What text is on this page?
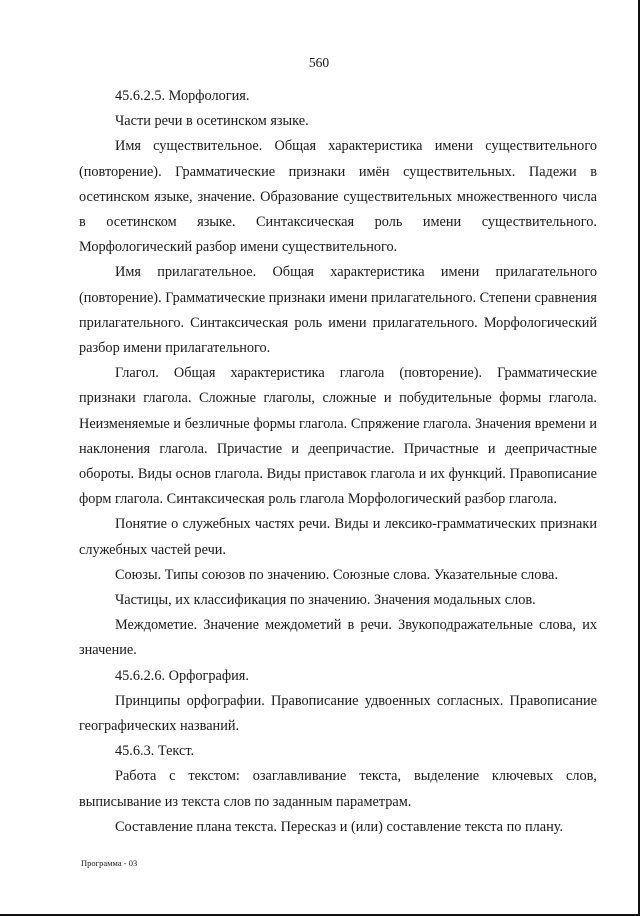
560

45.6.2.5. Морфология.

Части речи в осетинском языке.

Имя существительное. Общая характеристика имени существительного (повторение). Грамматические признаки имён существительных. Падежи в осетинском языке, значение. Образование существительных множественного числа в осетинском языке. Синтаксическая роль имени существительного. Морфологический разбор имени существительного.

Имя прилагательное. Общая характеристика имени прилагательного (повторение). Грамматические признаки имени прилагательного. Степени сравнения прилагательного. Синтаксическая роль имени прилагательного. Морфологический разбор имени прилагательного.

Глагол. Общая характеристика глагола (повторение). Грамматические признаки глагола. Сложные глаголы, сложные и побудительные формы глагола. Неизменяемые и безличные формы глагола. Спряжение глагола. Значения времени и наклонения глагола. Причастие и деепричастие. Причастные и деепричастные обороты. Виды основ глагола. Виды приставок глагола и их функций. Правописание форм глагола. Синтаксическая роль глагола Морфологический разбор глагола.

Понятие о служебных частях речи. Виды и лексико-грамматических признаки служебных частей речи.

Союзы. Типы союзов по значению. Союзные слова. Указательные слова.

Частицы, их классификация по значению. Значения модальных слов.

Междометие. Значение междометий в речи. Звукоподражательные слова, их значение.

45.6.2.6. Орфография.

Принципы орфографии. Правописание удвоенных согласных. Правописание географических названий.

45.6.3. Текст.

Работа с текстом: озаглавливание текста, выделение ключевых слов, выписывание из текста слов по заданным параметрам.

Составление плана текста. Пересказ и (или) составление текста по плану.

Программа - 03
